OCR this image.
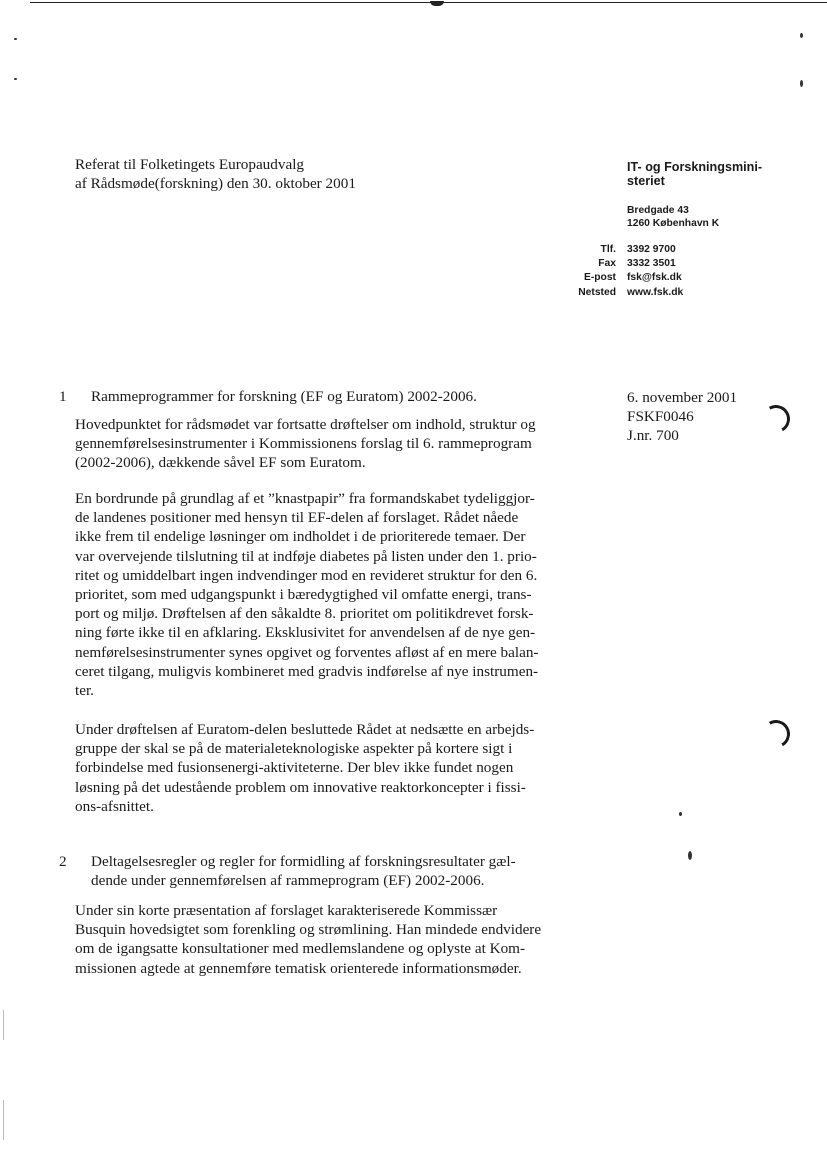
Referat til Folketingets Europaudvalg
af Rådsmøde(forskning) den 30. oktober 2001
IT- og Forskningsmini-
steriet
Bredgade 43
1260 København K
Tlf.	3392 9700
Fax	3332 3501
E-post	fsk@fsk.dk
Netsted	www.fsk.dk
6. november 2001
FSKF0046
J.nr. 700
1 Rammeprogrammer for forskning (EF og Euratom) 2002-2006.
Hovedpunktet for rådsmødet var fortsatte drøftelser om indhold, struktur og
gennemførelsesinstrumenter i Kommissionens forslag til 6. rammeprogram
(2002-2006), dækkende såvel EF som Euratom.
En bordrunde på grundlag af et ”knastpapir” fra formandskabet tydeliggjor-
de landenes positioner med hensyn til EF-delen af forslaget. Rådet nåede
ikke frem til endelige løsninger om indholdet i de prioriterede temaer. Der
var overvejende tilslutning til at indføje diabetes på listen under den 1. prio-
ritet og umiddelbart ingen indvendinger mod en revideret struktur for den 6.
prioritet, som med udgangspunkt i bæredygtighed vil omfatte energi, trans-
port og miljø. Drøftelsen af den såkaldte 8. prioritet om politikdrevet forsk-
ning førte ikke til en afklaring. Eksklusivitet for anvendelsen af de nye gen-
nemførelsesinstrumenter synes opgivet og forventes afløst af en mere balan-
ceret tilgang, muligvis kombineret med gradvis indførelse af nye instrumen-
ter.
Under drøftelsen af Euratom-delen besluttede Rådet at nedsætte en arbejds-
gruppe der skal se på de materialeteknologiske aspekter på kortere sigt i
forbindelse med fusionsenergi-aktiviteterne. Der blev ikke fundet nogen
løsning på det udestående problem om innovative reaktorkoncepter i fissi-
ons-afsnittet.
2 Deltagelsesregler og regler for formidling af forskningsresultater gæl-
dende under gennemførelsen af rammeprogram (EF) 2002-2006.
Under sin korte præsentation af forslaget karakteriserede Kommissær
Busquin hovedsigtet som forenkling og strømlining. Han mindede endvidere
om de igangsatte konsultationer med medlemslandene og oplyste at Kom-
missionen agtede at gennemføre tematisk orienterede informationsmøder.
